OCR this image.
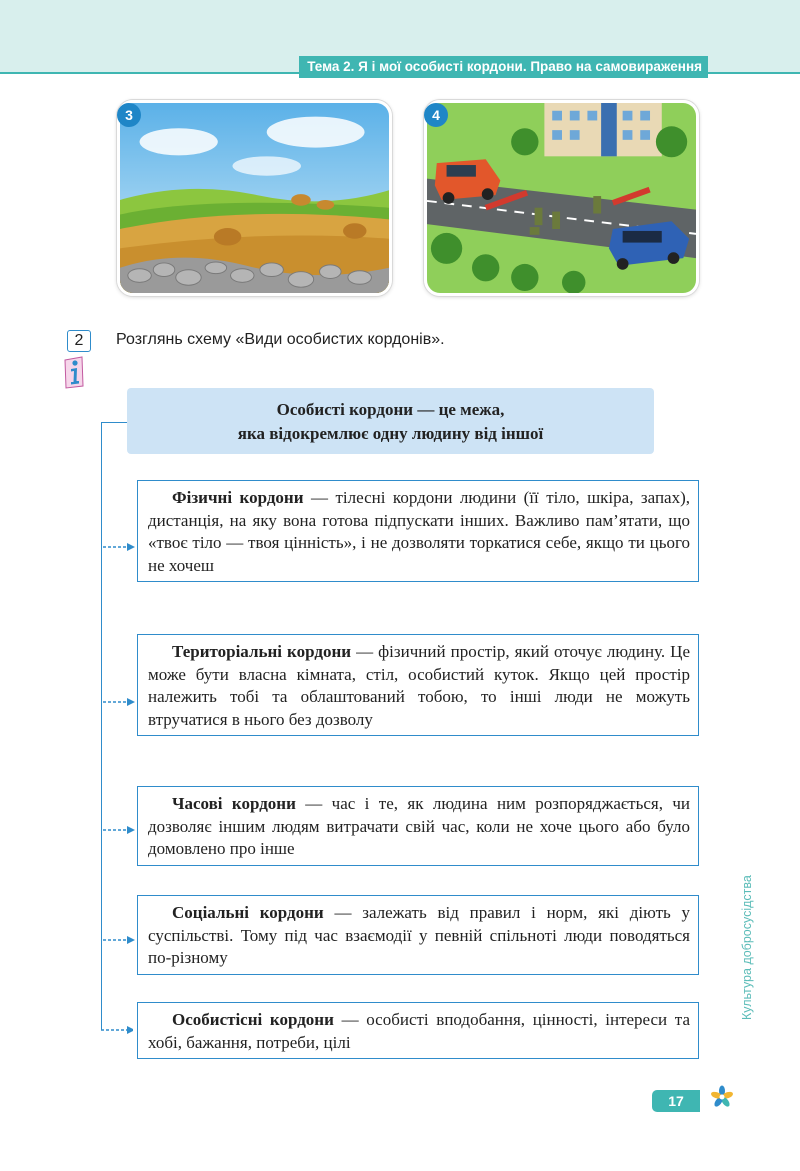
Тема 2. Я і мої особисті кордони. Право на самовираження
3	4
2	Розглянь схему «Види особистих кордонів».
Особисті кордони — це межа,
яка відокремлює одну людину від іншої
Фізичні кордони — тілесні кордони людини (її тіло, шкіра, запах), дистанція, на яку вона готова підпускати інших. Важливо пам’ятати, що «твоє тіло — твоя цінність», і не дозволяти торкатися себе, якщо ти цього не хочеш
Територіальні кордони — фізичний простір, який оточує людину. Це може бути власна кімната, стіл, особистий куток. Якщо цей простір належить тобі та облаштований тобою, то інші люди не можуть втручатися в нього без дозволу
Часові кордони — час і те, як людина ним розпоряджається, чи дозволяє іншим людям витрачати свій час, коли не хоче цього або було домовлено про інше
Соціальні кордони — залежать від правил і норм, які діють у суспільстві. Тому під час взаємодії у певній спільноті люди поводяться по-різному
Особистісні кордони — особисті вподобання, цінності, інтереси та хобі, бажання, потреби, цілі
Культура добросусідства
17
